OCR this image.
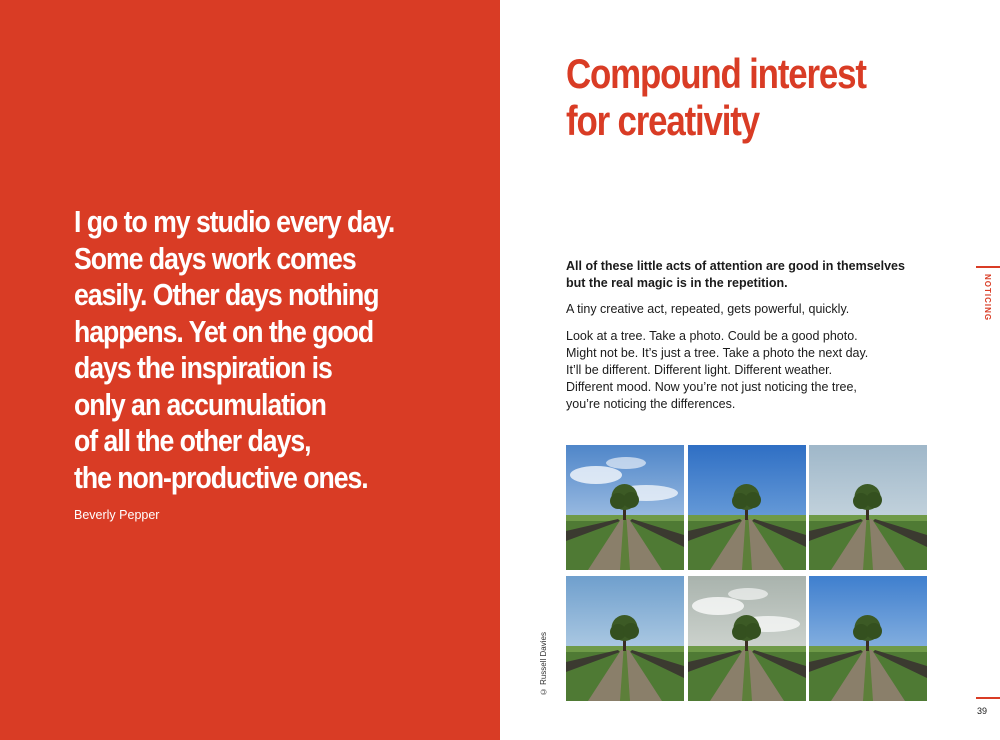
I go to my studio every day.
Some days work comes
easily. Other days nothing
happens. Yet on the good
days the inspiration is
only an accumulation
of all the other days,
the non-productive ones.
Beverly Pepper
Compound interest
for creativity

All of these little acts of attention are good in themselves
but the real magic is in the repetition.

A tiny creative act, repeated, gets powerful, quickly.

Look at a tree. Take a photo. Could be a good photo.
Might not be. It’s just a tree. Take a photo the next day.
It’ll be different. Different light. Different weather.
Different mood. Now you’re not just noticing the tree,
you’re noticing the differences.

NOTICING
© Russell Davies
39
